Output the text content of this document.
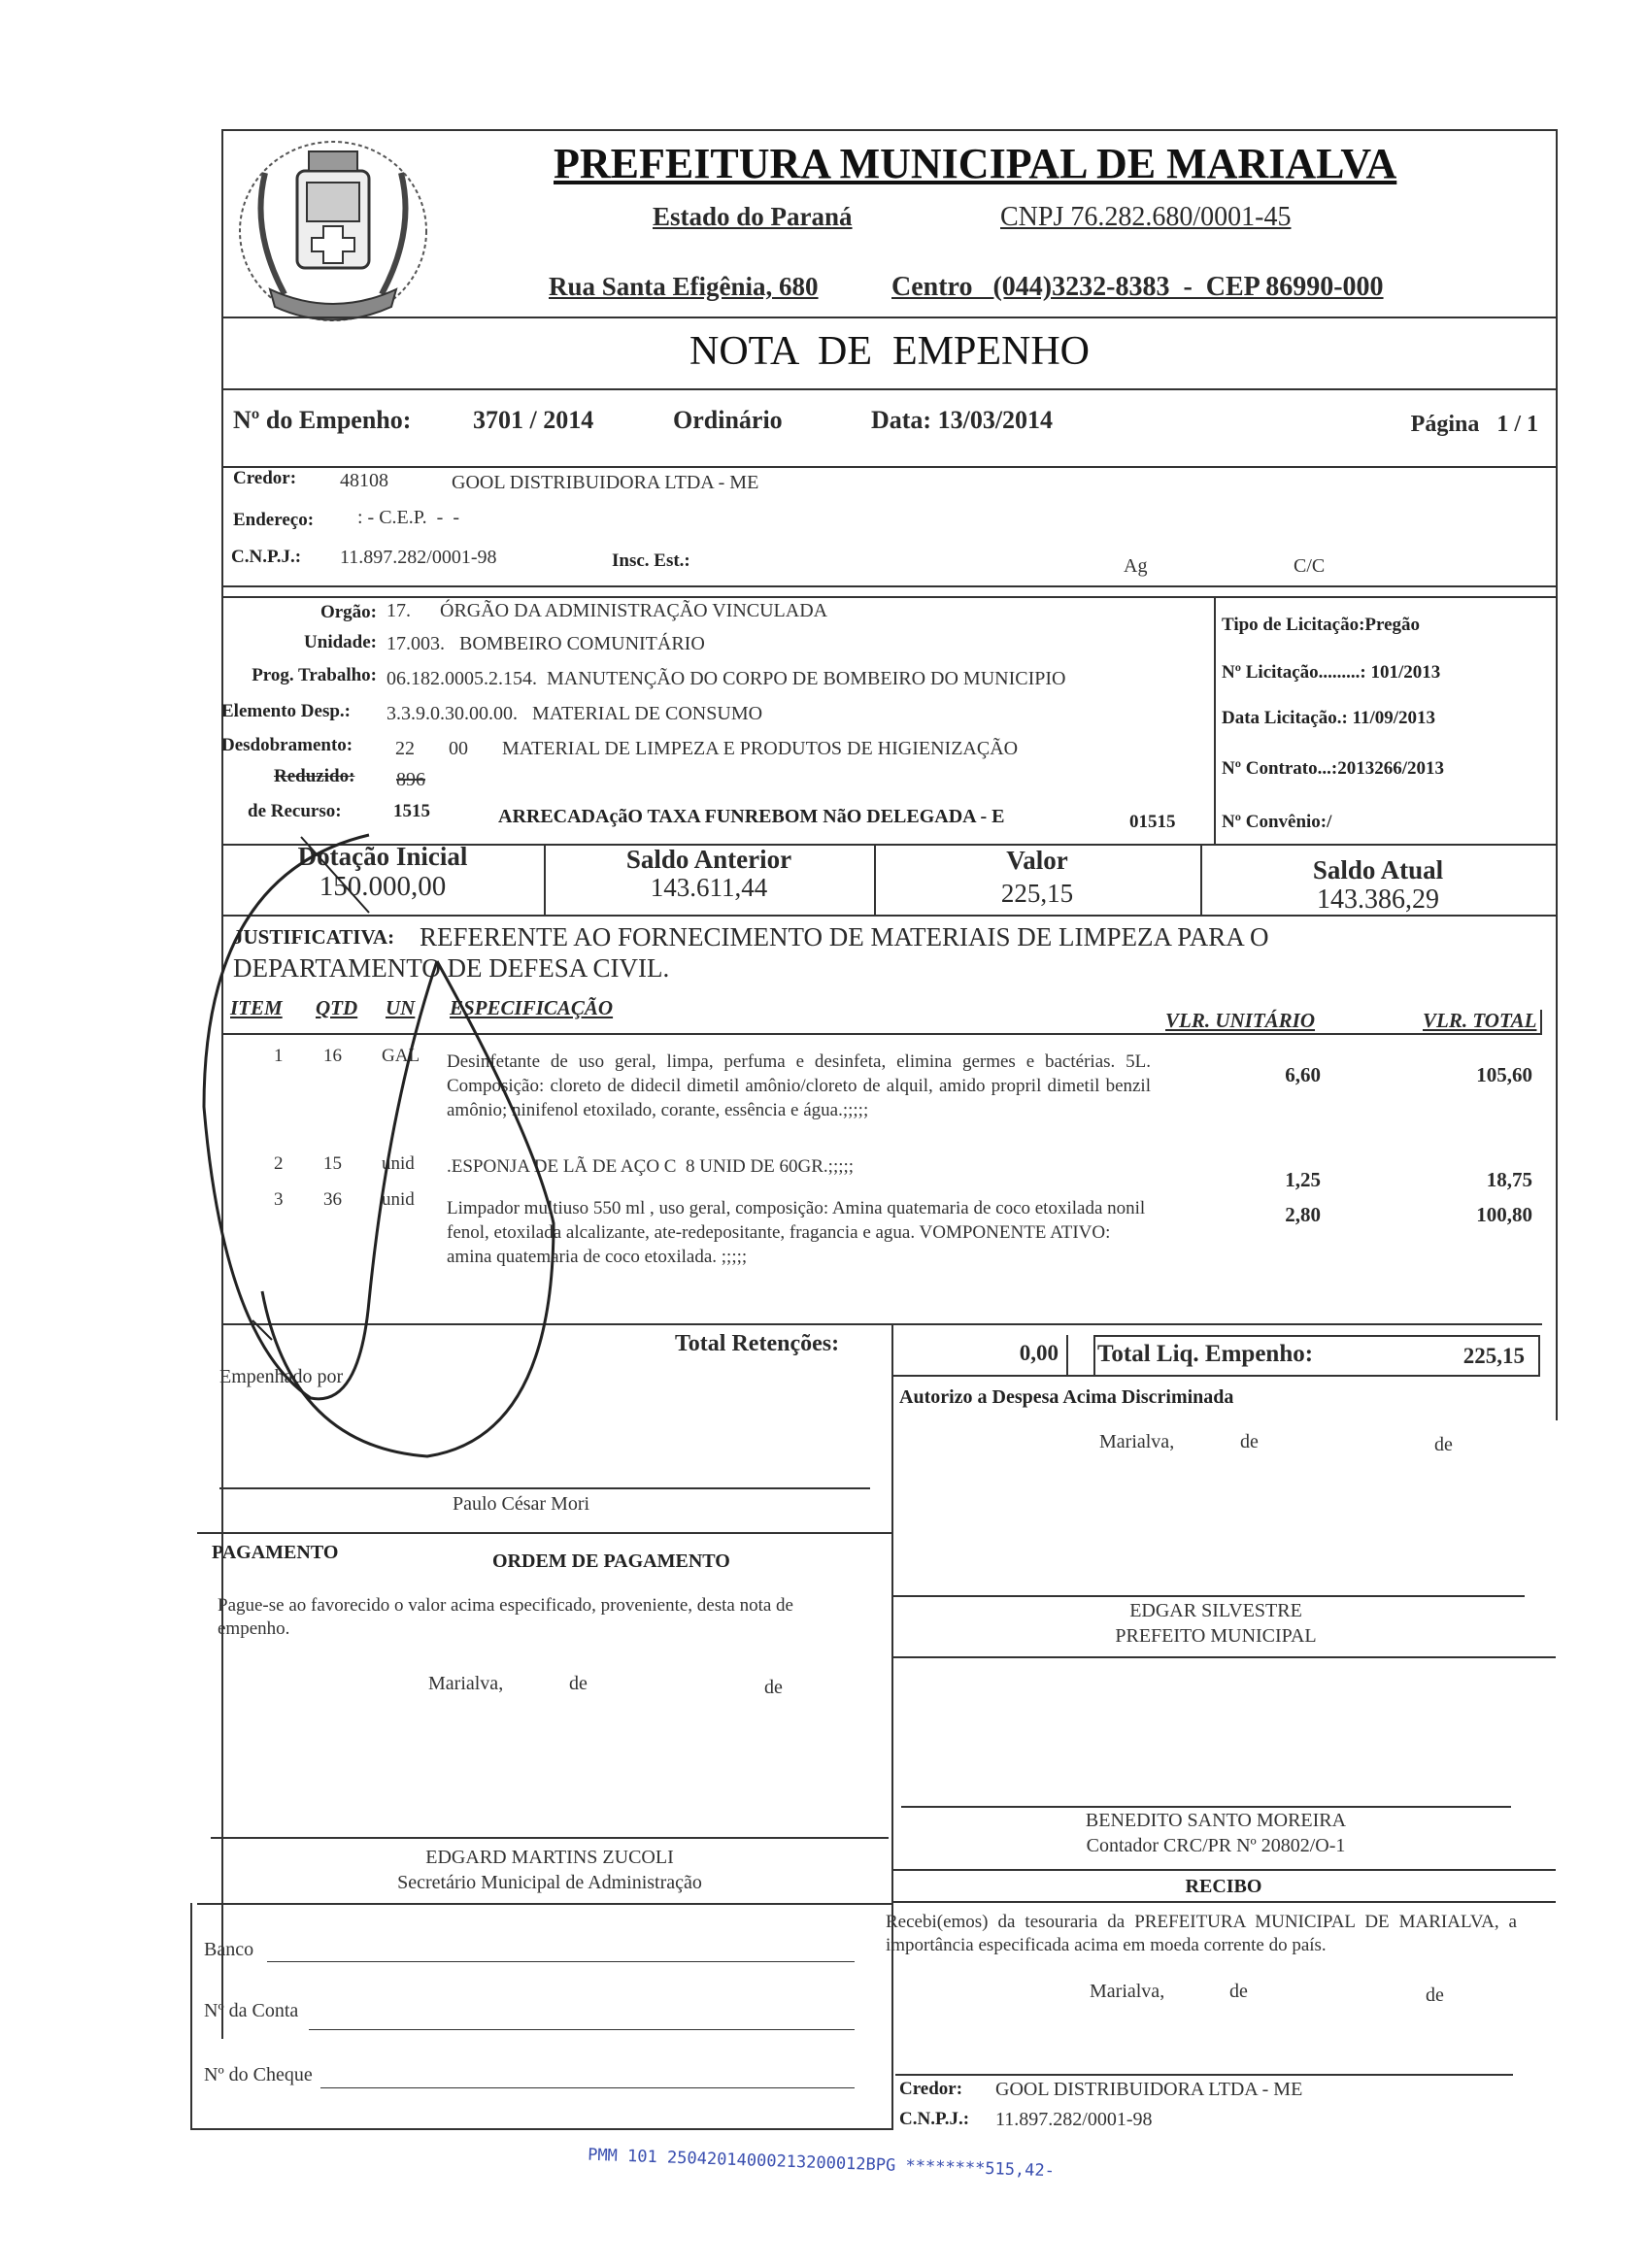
PREFEITURA MUNICIPAL DE MARIALVA
Estado do Paraná	CNPJ 76.282.680/0001-45
Rua Santa Efigênia, 680	Centro   (044)3232-8383  -  CEP 86990-000
NOTA  DE  EMPENHO
Nº do Empenho: 3701 / 2014	Ordinário	Data: 13/03/2014	Página   1 / 1
Credor: 48108	GOOL DISTRIBUIDORA LTDA - ME
Endereço: : - C.E.P.  -  -
C.N.P.J.: 11.897.282/0001-98	Insc. Est.:	Ag	C/C
Orgão: 17.      ÓRGÃO DA ADMINISTRAÇÃO VINCULADA
Unidade: 17.003.   BOMBEIRO COMUNITÁRIO
Prog. Trabalho: 06.182.0005.2.154.  MANUTENÇÃO DO CORPO DE BOMBEIRO DO MUNICIPIO
Elemento Desp.: 3.3.9.0.30.00.00.   MATERIAL DE CONSUMO
Desdobramento: 22       00       MATERIAL DE LIMPEZA E PRODUTOS DE HIGIENIZAÇÃO
Reduzido: 896
de Recurso:	1515	ARRECADAçãO TAXA FUNREBOM NãO DELEGADA - E	01515
Tipo de Licitação:Pregão
Nº Licitação.........: 101/2013
Data Licitação.: 11/09/2013
Nº Contrato...:2013266/2013
Nº Convênio:/
Dotação Inicial
150.000,00
Saldo Anterior
143.611,44
Valor
225,15
Saldo Atual
143.386,29
JUSTIFICATIVA: REFERENTE AO FORNECIMENTO DE MATERIAIS DE LIMPEZA PARA O
DEPARTAMENTO DE DEFESA CIVIL.
ITEM QTD UN ESPECIFICAÇÃO
VLR. UNITÁRIO	VLR. TOTAL
1 16 GAL Desinfetante de uso geral, limpa, perfuma e desinfeta, elimina germes e bactérias. 5L. Composição: cloreto de didecil dimetil amônio/cloreto de alquil, amido propril dimetil benzil amônio; ninifenol etoxilado, corante, essência e água.;;;;;
6,60	105,60
2 15 unid .ESPONJA DE LÃ DE AÇO C  8 UNID DE 60GR.;;;;;
1,25	18,75
3 36 unid Limpador multiuso 550 ml , uso geral, composição: Amina quatemaria de coco etoxilada nonil fenol, etoxilada alcalizante, ate-redepositante, fragancia e agua. VOMPONENTE ATIVO: amina quatemaria de coco etoxilada. ;;;;;
2,80	100,80
Total Retenções:	0,00 Total Liq. Empenho:	225,15
Empenhado por
Paulo César Mori
Autorizo a Despesa Acima Discriminada
Marialva,	de	de
PAGAMENTO	ORDEM DE PAGAMENTO
Pague-se ao favorecido o valor acima especificado, proveniente, desta nota de empenho.
Marialva,	de	de
EDGARD MARTINS ZUCOLI
Secretário Municipal de Administração
EDGAR SILVESTRE
PREFEITO MUNICIPAL
BENEDITO SANTO MOREIRA
Contador CRC/PR Nº 20802/O-1
RECIBO
Recebi(emos) da tesouraria da PREFEITURA MUNICIPAL DE MARIALVA, a importância especificada acima em moeda corrente do país.
Marialva,	de	de
Credor: GOOL DISTRIBUIDORA LTDA - ME
C.N.P.J.: 11.897.282/0001-98
Banco
Nº da Conta
Nº do Cheque
PMM 101 25042014000213200012BPG ********515,42-
